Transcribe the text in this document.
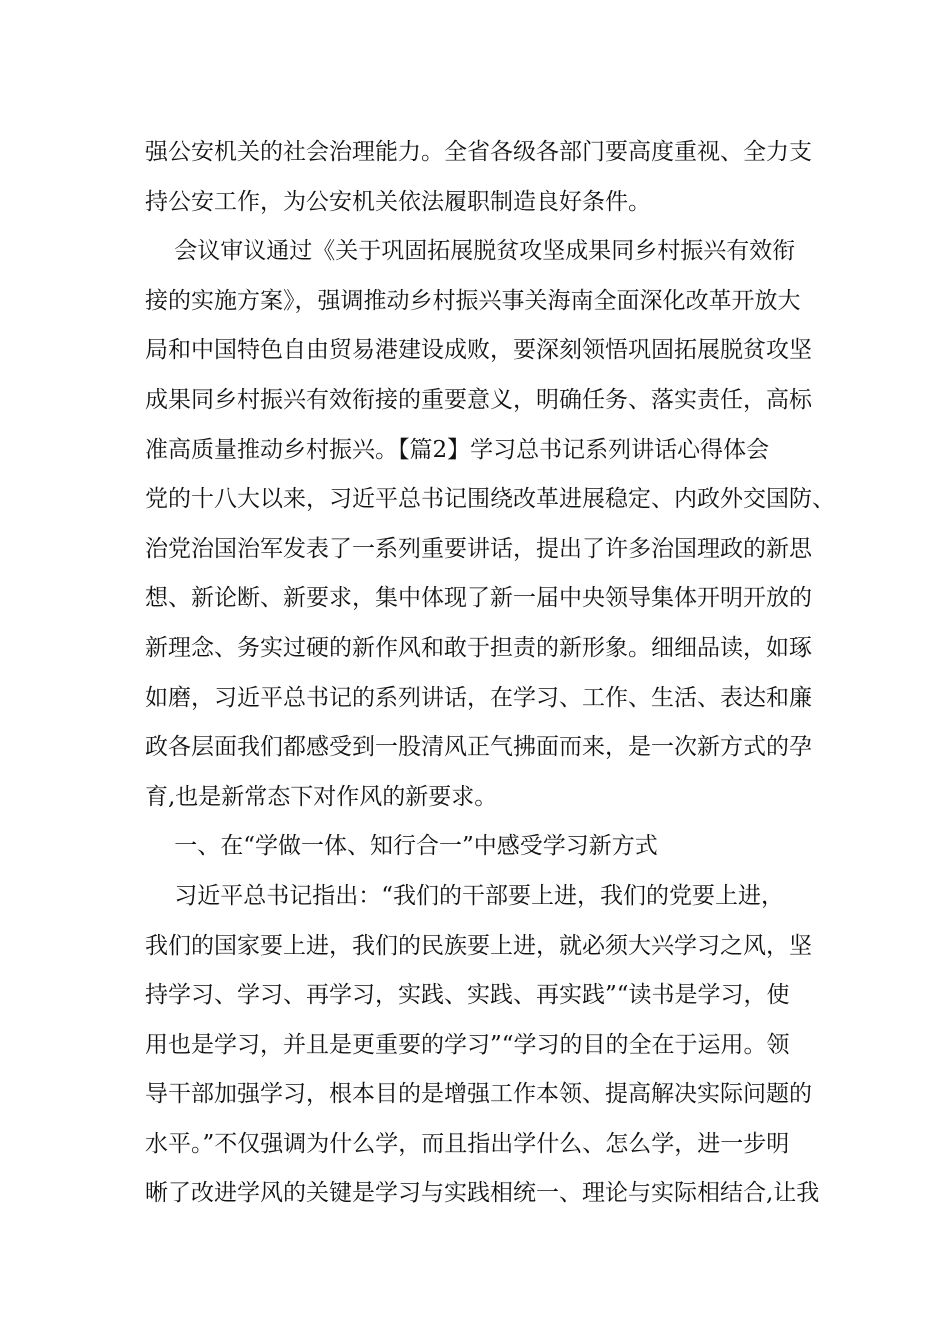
强公安机关的社会治理能力。全省各级各部门要高度重视、全力支
持公安工作，为公安机关依法履职制造良好条件。
会议审议通过《关于巩固拓展脱贫攻坚成果同乡村振兴有效衔
接的实施方案》，强调推动乡村振兴事关海南全面深化改革开放大
局和中国特色自由贸易港建设成败，要深刻领悟巩固拓展脱贫攻坚
成果同乡村振兴有效衔接的重要意义，明确任务、落实责任，高标
准高质量推动乡村振兴。【篇2】学习总书记系列讲话心得体会
党的十八大以来，习近平总书记围绕改革进展稳定、内政外交国防、
治党治国治军发表了一系列重要讲话，提出了许多治国理政的新思
想、新论断、新要求，集中体现了新一届中央领导集体开明开放的
新理念、务实过硬的新作风和敢于担责的新形象。细细品读，如琢
如磨，习近平总书记的系列讲话，在学习、工作、生活、表达和廉
政各层面我们都感受到一股清风正气拂面而来，是一次新方式的孕
育,也是新常态下对作风的新要求。
一、在“学做一体、知行合一”中感受学习新方式
习近平总书记指出：“我们的干部要上进，我们的党要上进，
我们的国家要上进，我们的民族要上进，就必须大兴学习之风，坚
持学习、学习、再学习，实践、实践、再实践”“读书是学习，使
用也是学习，并且是更重要的学习”“学习的目的全在于运用。领
导干部加强学习，根本目的是增强工作本领、提高解决实际问题的
水平。”不仅强调为什么学，而且指出学什么、怎么学，进一步明
晰了改进学风的关键是学习与实践相统一、理论与实际相结合,让我
